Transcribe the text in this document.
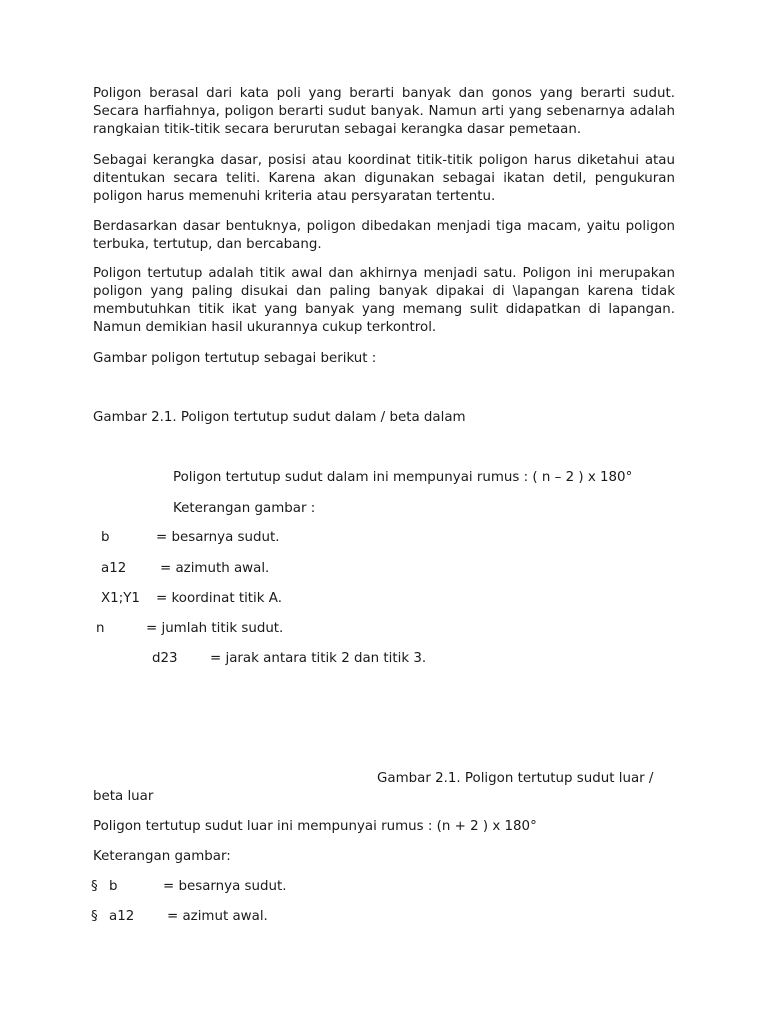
Poligon berasal dari kata poli yang berarti banyak dan gonos yang berarti sudut. Secara harfiahnya, poligon berarti sudut banyak. Namun arti yang sebenarnya adalah rangkaian titik-titik secara berurutan sebagai kerangka dasar pemetaan.

Sebagai kerangka dasar, posisi atau koordinat titik-titik poligon harus diketahui atau ditentukan secara teliti. Karena akan digunakan sebagai ikatan detil, pengukuran poligon harus memenuhi kriteria atau persyaratan tertentu.

Berdasarkan dasar bentuknya, poligon dibedakan menjadi tiga macam, yaitu poligon terbuka, tertutup, dan bercabang.

Poligon tertutup adalah titik awal dan akhirnya menjadi satu. Poligon ini merupakan poligon yang paling disukai dan paling banyak dipakai di \lapangan karena tidak membutuhkan titik ikat yang banyak yang memang sulit didapatkan di lapangan. Namun demikian hasil ukurannya cukup terkontrol.

Gambar poligon tertutup sebagai berikut :

Gambar 2.1. Poligon tertutup sudut dalam / beta dalam

Poligon tertutup sudut dalam ini mempunyai rumus : ( n – 2 ) x 180°

Keterangan gambar :

b	= besarnya sudut.

a12	= azimuth awal.

X1;Y1 = koordinat titik A.

n	= jumlah titik sudut.

d23 = jarak antara titik 2 dan titik 3.

Gambar 2.1. Poligon tertutup sudut luar /

beta luar

Poligon tertutup sudut luar ini mempunyai rumus : (n + 2 ) x 180°

Keterangan gambar:

§ b	= besarnya sudut.

§ a12 = azimut awal.
